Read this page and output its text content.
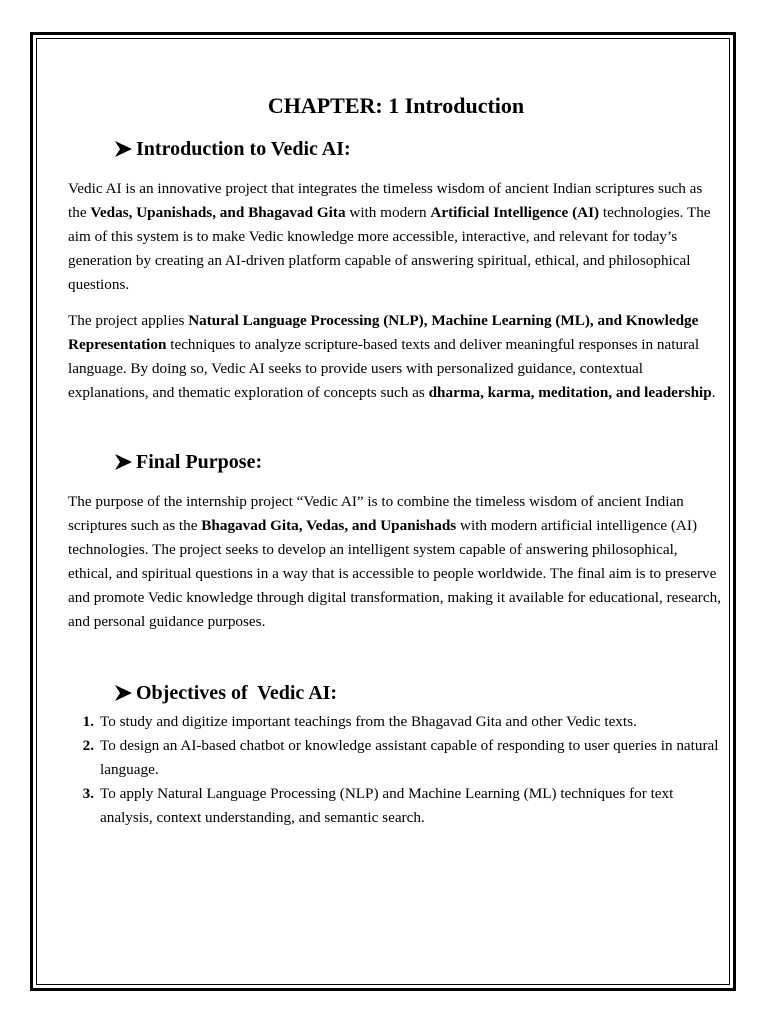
CHAPTER: 1 Introduction
Introduction to Vedic AI:

Vedic AI is an innovative project that integrates the timeless wisdom of ancient Indian scriptures such as the Vedas, Upanishads, and Bhagavad Gita with modern Artificial Intelligence (AI) technologies. The aim of this system is to make Vedic knowledge more accessible, interactive, and relevant for today’s generation by creating an AI-driven platform capable of answering spiritual, ethical, and philosophical questions.

The project applies Natural Language Processing (NLP), Machine Learning (ML), and Knowledge Representation techniques to analyze scripture-based texts and deliver meaningful responses in natural language. By doing so, Vedic AI seeks to provide users with personalized guidance, contextual explanations, and thematic exploration of concepts such as dharma, karma, meditation, and leadership.

Final Purpose:

The purpose of the internship project “Vedic AI” is to combine the timeless wisdom of ancient Indian scriptures such as the Bhagavad Gita, Vedas, and Upanishads with modern artificial intelligence (AI) technologies. The project seeks to develop an intelligent system capable of answering philosophical, ethical, and spiritual questions in a way that is accessible to people worldwide. The final aim is to preserve and promote Vedic knowledge through digital transformation, making it available for educational, research, and personal guidance purposes.

Objectives of  Vedic AI:
1. To study and digitize important teachings from the Bhagavad Gita and other Vedic texts.
2. To design an AI-based chatbot or knowledge assistant capable of responding to user queries in natural language.
3. To apply Natural Language Processing (NLP) and Machine Learning (ML) techniques for text analysis, context understanding, and semantic search.
